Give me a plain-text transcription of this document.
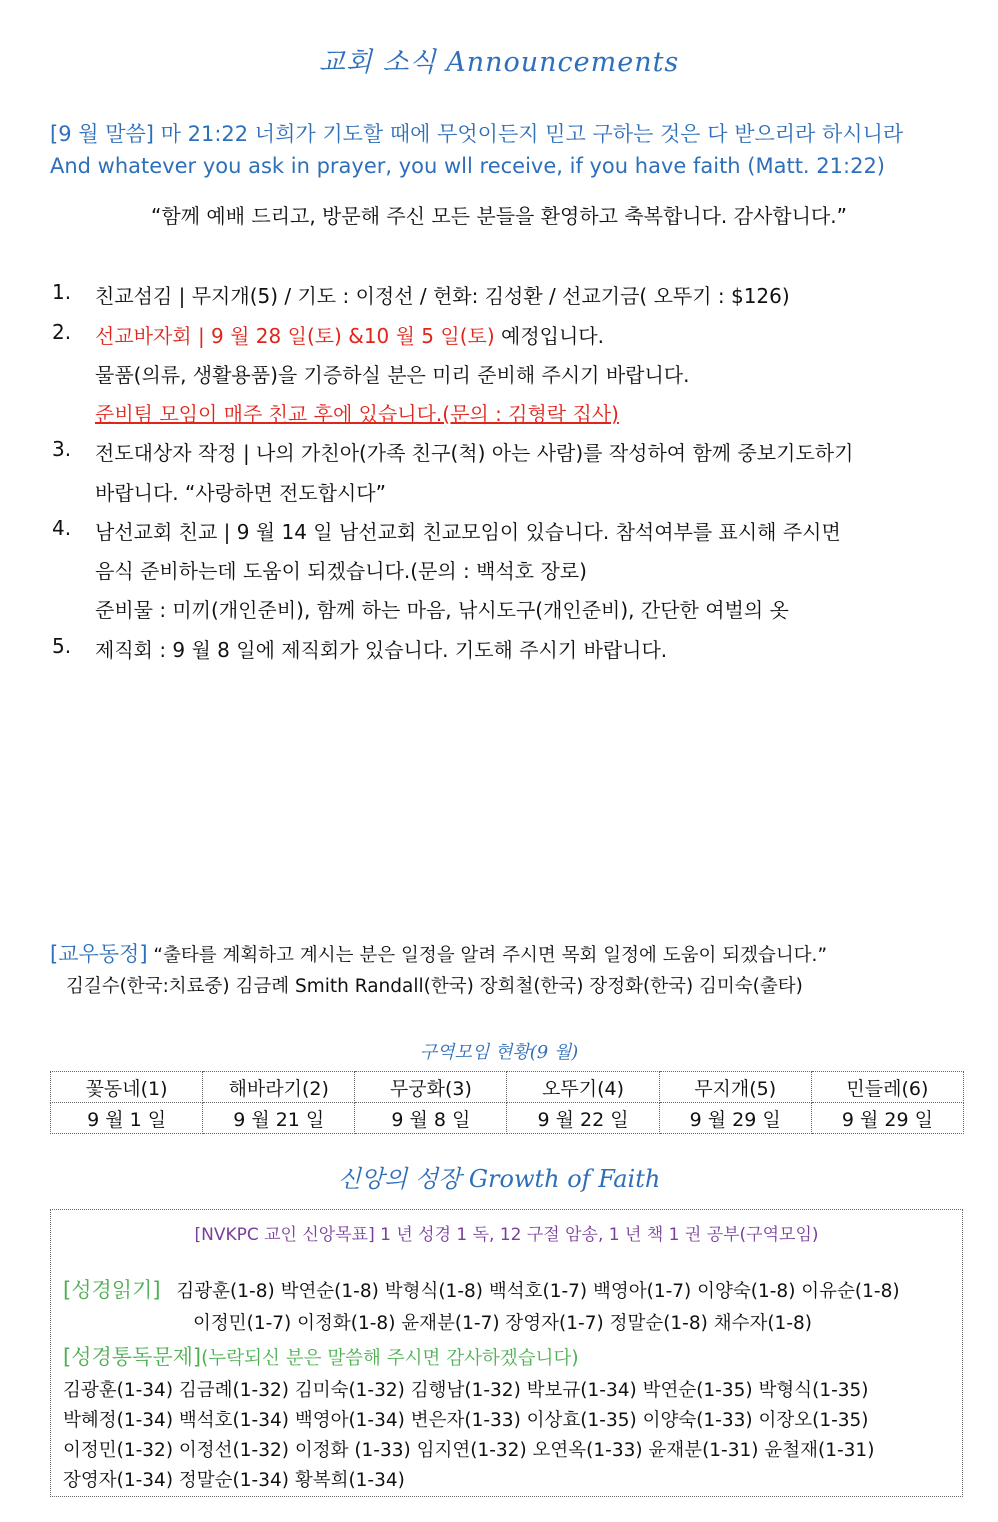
교회 소식 Announcements
[9 월 말씀] 마 21:22 너희가 기도할 때에 무엇이든지 믿고 구하는 것은 다 받으리라 하시니라
And whatever you ask in prayer, you wll receive, if you have faith (Matt. 21:22)
“함께 예배 드리고, 방문해 주신 모든 분들을 환영하고 축복합니다. 감사합니다.”
1. 친교섬김 | 무지개(5) / 기도 : 이정선 / 헌화: 김성환 / 선교기금( 오뚜기 : $126)
2. 선교바자회 | 9 월 28 일(토) &10 월 5 일(토) 예정입니다.
물품(의류, 생활용품)을 기증하실 분은 미리 준비해 주시기 바랍니다.
준비팀 모임이 매주 친교 후에 있습니다.(문의 : 김형락 집사)
3. 전도대상자 작정 | 나의 가친아(가족 친구(척) 아는 사람)를 작성하여 함께 중보기도하기
바랍니다. “사랑하면 전도합시다”
4. 남선교회 친교 | 9 월 14 일 남선교회 친교모임이 있습니다. 참석여부를 표시해 주시면
음식 준비하는데 도움이 되겠습니다.(문의 : 백석호 장로)
준비물 : 미끼(개인준비), 함께 하는 마음, 낚시도구(개인준비), 간단한 여벌의 옷
5. 제직회 : 9 월 8 일에 제직회가 있습니다. 기도해 주시기 바랍니다.
[교우동정] “출타를 계획하고 계시는 분은 일정을 알려 주시면 목회 일정에 도움이 되겠습니다.”
김길수(한국:치료중) 김금례 Smith Randall(한국) 장희철(한국) 장정화(한국) 김미숙(출타)
구역모임 현황(9 월)
꽃동네(1)	해바라기(2)	무궁화(3)	오뚜기(4)	무지개(5)	민들레(6)
9 월 1 일	9 월 21 일	9 월 8 일	9 월 22 일	9 월 29 일	9 월 29 일
신앙의 성장 Growth of Faith
[NVKPC 교인 신앙목표] 1 년 성경 1 독, 12 구절 암송, 1 년 책 1 권 공부(구역모임)
[성경읽기] 김광훈(1-8) 박연순(1-8) 박형식(1-8) 백석호(1-7) 백영아(1-7) 이양숙(1-8) 이유순(1-8)
이정민(1-7) 이정화(1-8) 윤재분(1-7) 장영자(1-7) 정말순(1-8) 채수자(1-8)
[성경통독문제](누락되신 분은 말씀해 주시면 감사하겠습니다)
김광훈(1-34) 김금례(1-32) 김미숙(1-32) 김행남(1-32) 박보규(1-34) 박연순(1-35) 박형식(1-35)
박혜정(1-34) 백석호(1-34) 백영아(1-34) 변은자(1-33) 이상효(1-35) 이양숙(1-33) 이장오(1-35)
이정민(1-32) 이정선(1-32) 이정화 (1-33) 임지연(1-32) 오연옥(1-33) 윤재분(1-31) 윤철재(1-31)
장영자(1-34) 정말순(1-34) 황복희(1-34)
